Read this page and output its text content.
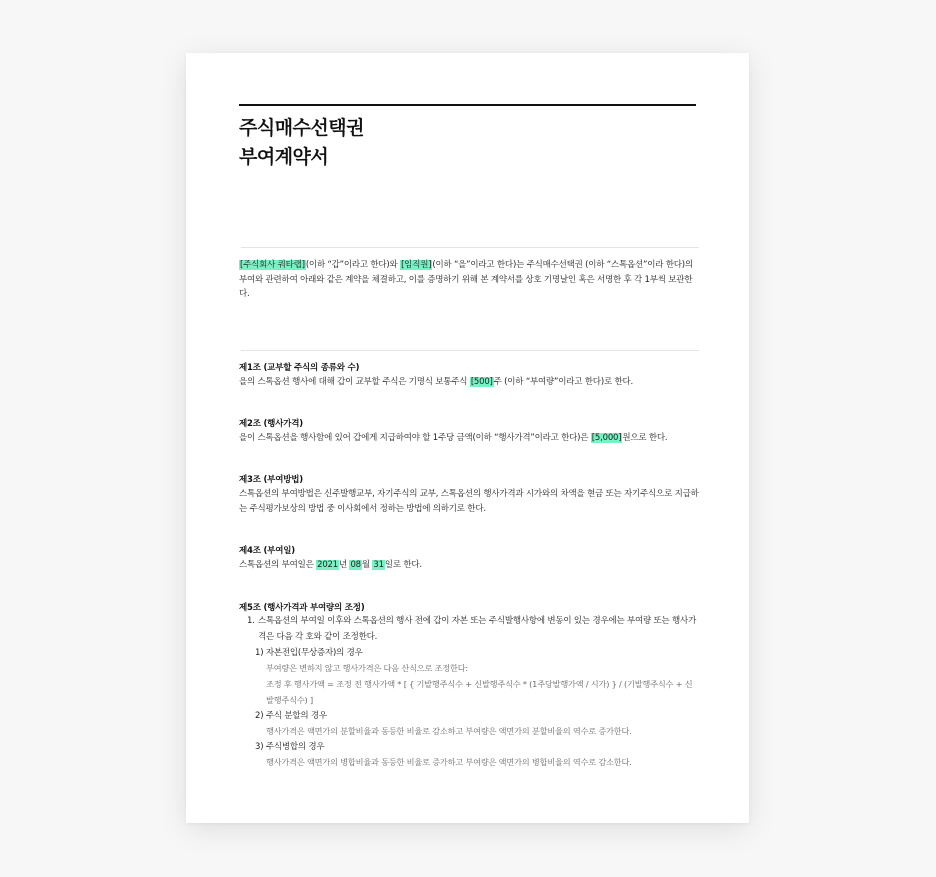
주식매수선택권
부여계약서
[주식회사 쿼타랩](이하 “갑”이라고 한다)와 [임직원](이하 “을”이라고 한다)는 주식매수선택권 (이하 “스톡옵션”이라 한다)의 부여와 관련하여 아래와 같은 계약을 체결하고, 이를 증명하기 위해 본 계약서를 상호 기명날인 혹은 서명한 후 각 1부씩 보관한다.
제1조 (교부할 주식의 종류와 수)
을의 스톡옵션 행사에 대해 갑이 교부할 주식은 기명식 보통주식 [500]주 (이하 “부여량”이라고 한다)로 한다.
제2조 (행사가격)
을이 스톡옵션을 행사함에 있어 갑에게 지급하여야 할 1주당 금액(이하 “행사가격”이라고 한다)은 [5,000]원으로 한다.
제3조 (부여방법)
스톡옵션의 부여방법은 신주발행교부, 자기주식의 교부, 스톡옵션의 행사가격과 시가와의 차액을 현금 또는 자기주식으로 지급하는 주식평가보상의 방법 중 이사회에서 정하는 방법에 의하기로 한다.
제4조 (부여일)
스톡옵션의 부여일은 2021년 08월 31일로 한다.
제5조 (행사가격과 부여량의 조정)
1. 스톡옵션의 부여일 이후와 스톡옵션의 행사 전에 갑이 자본 또는 주식발행사항에 변동이 있는 경우에는 부여량 또는 행사가격은 다음 각 호와 같이 조정한다.
1) 자본전입(무상증자)의 경우
부여량은 변하지 않고 행사가격은 다음 산식으로 조정한다:
조정 후 행사가액 = 조정 전 행사가액 * [ { 기발행주식수 + 신발행주식수 * (1주당발행가액 / 시가) } / (기발행주식수 + 신발행주식수) ]
2) 주식 분할의 경우
행사가격은 액면가의 분할비율과 동등한 비율로 감소하고 부여량은 액면가의 분할비율의 역수로 증가한다.
3) 주식병합의 경우
행사가격은 액면가의 병합비율과 동등한 비율로 증가하고 부여량은 액면가의 병합비율의 역수로 감소한다.
